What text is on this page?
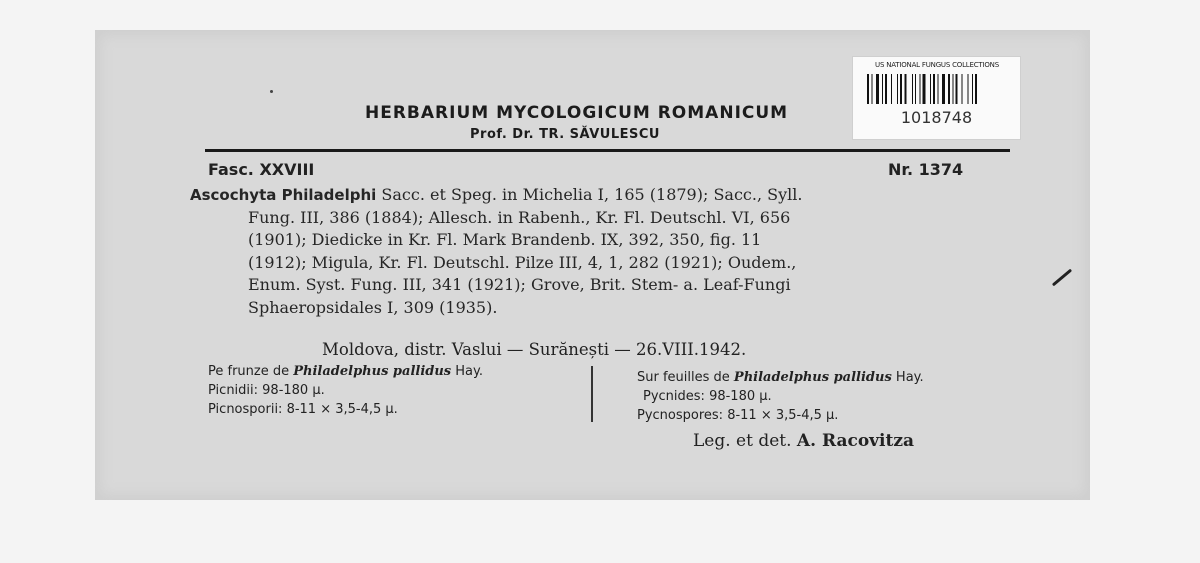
HERBARIUM MYCOLOGICUM ROMANICUM
Prof. Dr. TR. SĂVULESCU
US NATIONAL FUNGUS COLLECTIONS
1018748
Fasc. XXVIII	Nr. 1374
Ascochyta Philadelphi Sacc. et Speg. in Michelia I, 165 (1879); Sacc., Syll.
Fung. III, 386 (1884); Allesch. in Rabenh., Kr. Fl. Deutschl. VI, 656
(1901); Diedicke in Kr. Fl. Mark Brandenb. IX, 392, 350, fig. 11
(1912); Migula, Kr. Fl. Deutschl. Pilze III, 4, 1, 282 (1921); Oudem.,
Enum. Syst. Fung. III, 341 (1921); Grove, Brit. Stem- a. Leaf-Fungi
Sphaeropsidales I, 309 (1935).
Moldova, distr. Vaslui — Surănești — 26.VIII.1942.
Pe frunze de Philadelphus pallidus Hay.
Picnidii: 98-180 μ.
Picnosporii: 8-11 × 3,5-4,5 μ.
Sur feuilles de Philadelphus pallidus Hay.
Pycnides: 98-180 μ.
Pycnospores: 8-11 × 3,5-4,5 μ.
Leg. et det. A. Racovitza
